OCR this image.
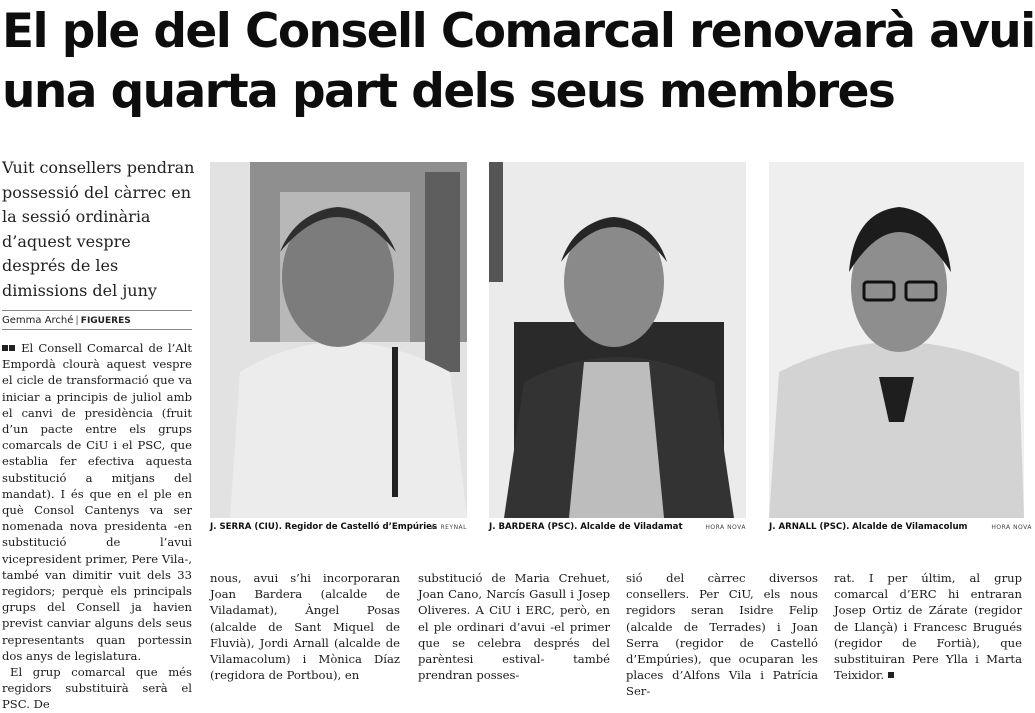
El ple del Consell Comarcal renovarà avui
una quarta part dels seus membres
Vuit consellers pendran possessió del càrrec en la sessió ordinària d’aquest vespre després de les dimissions del juny
Gemma Arché | FIGUERES

El Consell Comarcal de l’Alt Empordà clourà aquest vespre el cicle de transformació que va iniciar a principis de juliol amb el canvi de presidència (fruit d’un pacte entre els grups comarcals de CiU i el PSC, que establia fer efectiva aquesta substitució a mitjans del mandat). I és que en el ple en què Consol Cantenys va ser nomenada nova presidenta -en substitució de l’avui vicepresident primer, Pere Vila-, també van dimitir vuit dels 33 regidors; perquè els principals grups del Consell ja havien previst canviar alguns dels seus representants quan portessin dos anys de legislatura.

El grup comarcal que més regidors substituirà serà el PSC. De

J. SERRA (CIU). Regidor de Castelló d’Empúries
À. REYNAL	J. BARDERA (PSC). Alcalde de Viladamat	HORA NOVA	J. ARNALL (PSC). Alcalde de Vilamacolum	HORA NOVA

nous, avui s’hi incorporaran Joan Bardera (alcalde de Viladamat), Àngel Posas (alcalde de Sant Miquel de Fluvià), Jordi Arnall (alcalde de Vilamacolum) i Mònica Díaz (regidora de Portbou), en

substitució de Maria Crehuet, Joan Cano, Narcís Gasull i Josep Oliveres. A CiU i ERC, però, en el ple ordinari d’avui -el primer que se celebra després del parèntesi estival- també prendran posses-

sió del càrrec diversos consellers. Per CiU, els nous regidors seran Isidre Felip (alcalde de Terrades) i Joan Serra (regidor de Castelló d’Empúries), que ocuparan les places d’Alfons Vila i Patrícia Ser-

rat. I per últim, al grup comarcal d’ERC hi entraran Josep Ortiz de Zárate (regidor de Llançà) i Francesc Brugués (regidor de Fortià), que substituiran Pere Ylla i Marta Teixidor.
